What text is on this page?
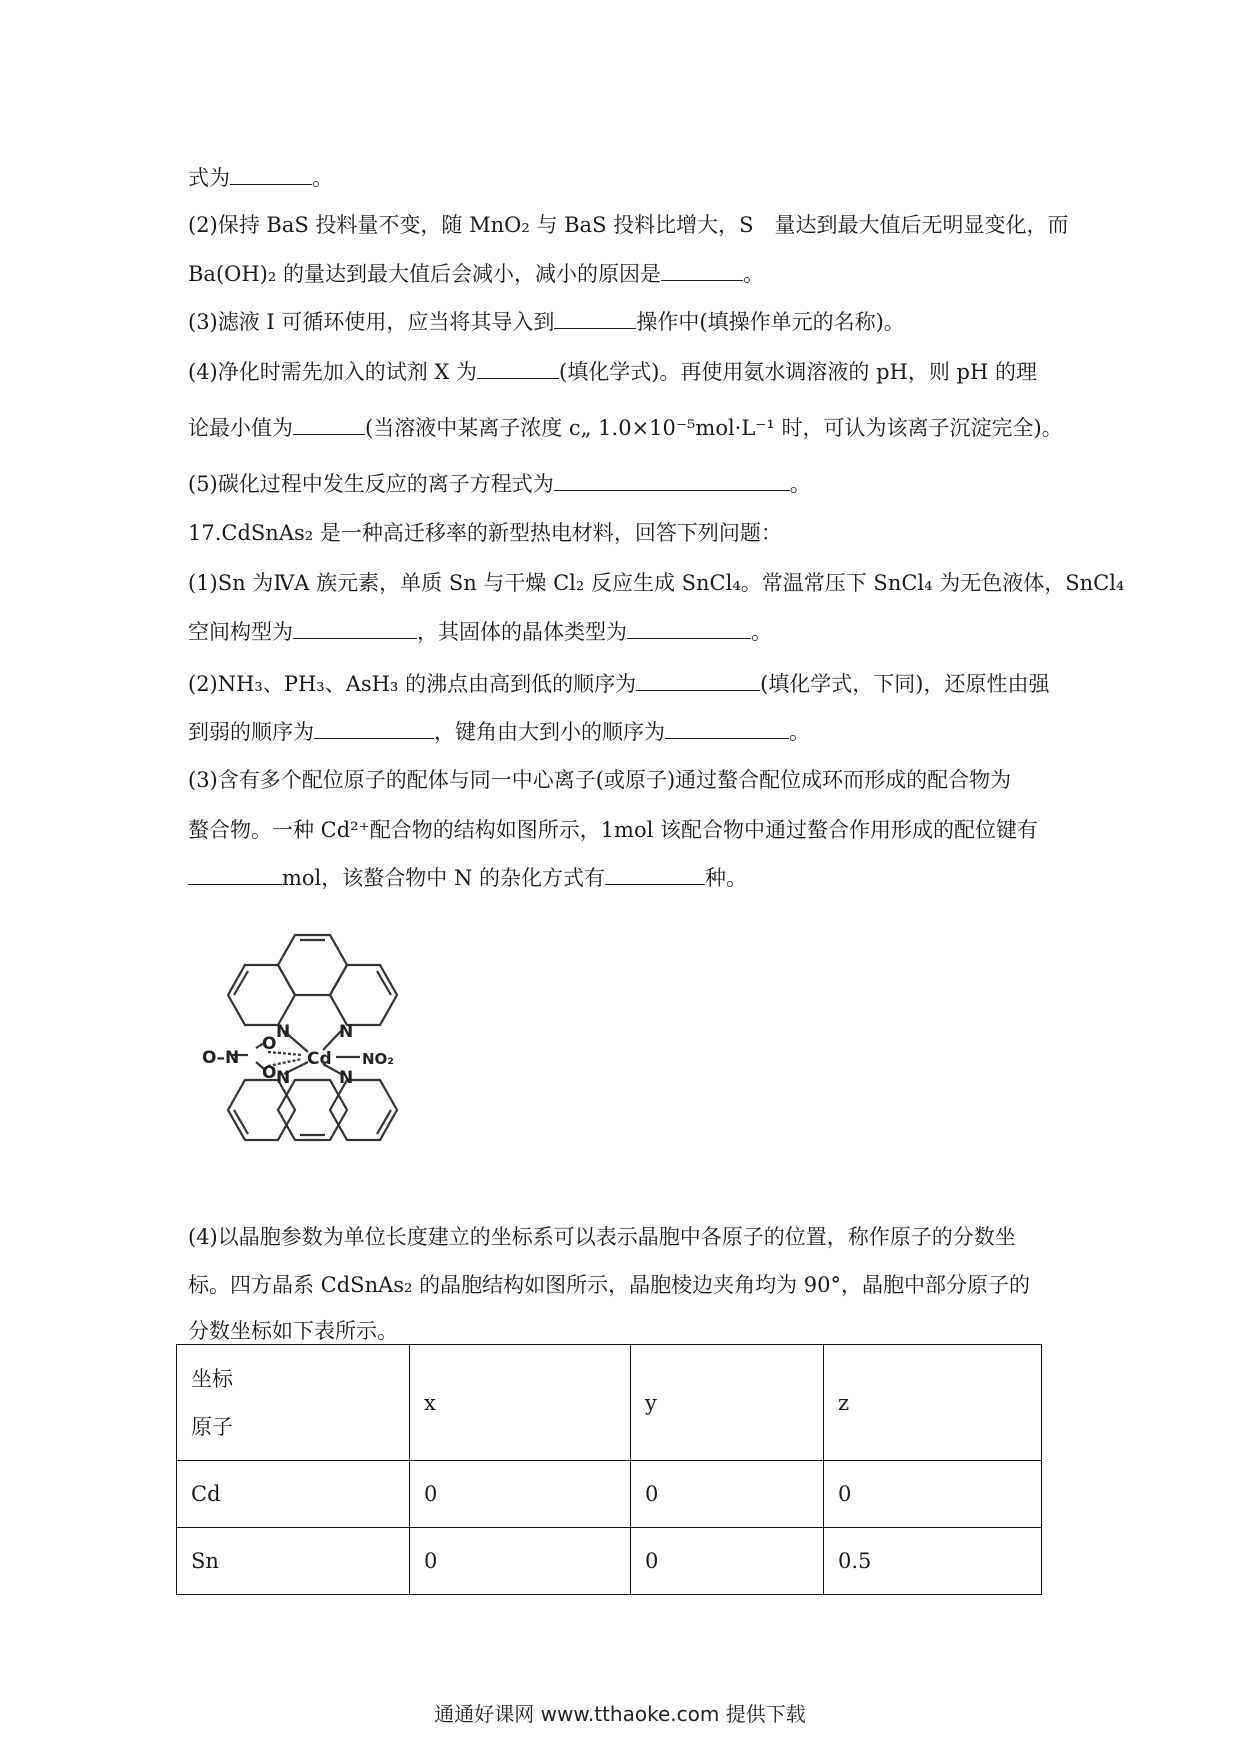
式为	。
(2)保持 BaS 投料量不变，随 MnO₂ 与 BaS 投料比增大，S　量达到最大值后无明显变化，而
Ba(OH)₂ 的量达到最大值后会减小，减小的原因是	。
(3)滤液 I 可循环使用，应当将其导入到	操作中(填操作单元的名称)。
(4)净化时需先加入的试剂 X 为	(填化学式)。再使用氨水调溶液的 pH，则 pH 的理
论最小值为	(当溶液中某离子浓度 c„ 1.0×10⁻⁵mol·L⁻¹ 时，可认为该离子沉淀完全)。
(5)碳化过程中发生反应的离子方程式为	。
17.CdSnAs₂ 是一种高迁移率的新型热电材料，回答下列问题：
(1)Sn 为ⅣA 族元素，单质 Sn 与干燥 Cl₂ 反应生成 SnCl₄。常温常压下 SnCl₄ 为无色液体，SnCl₄
空间构型为	，其固体的晶体类型为	。
(2)NH₃、PH₃、AsH₃ 的沸点由高到低的顺序为	(填化学式，下同)，还原性由强
到弱的顺序为	，键角由大到小的顺序为	。
(3)含有多个配位原子的配体与同一中心离子(或原子)通过螯合配位成环而形成的配合物为
螯合物。一种 Cd²⁺配合物的结构如图所示，1mol 该配合物中通过螯合作用形成的配位键有
mol，该螯合物中 N 的杂化方式有	种。
N	N
N	N
Cd NO₂
O–N
O
O
(4)以晶胞参数为单位长度建立的坐标系可以表示晶胞中各原子的位置，称作原子的分数坐
标。四方晶系 CdSnAs₂ 的晶胞结构如图所示，晶胞棱边夹角均为 90°，晶胞中部分原子的
分数坐标如下表所示。
坐标
原子	x	y	z
Cd	0	0	0
Sn	0	0	0.5
通通好课网 www.tthaoke.com 提供下载
